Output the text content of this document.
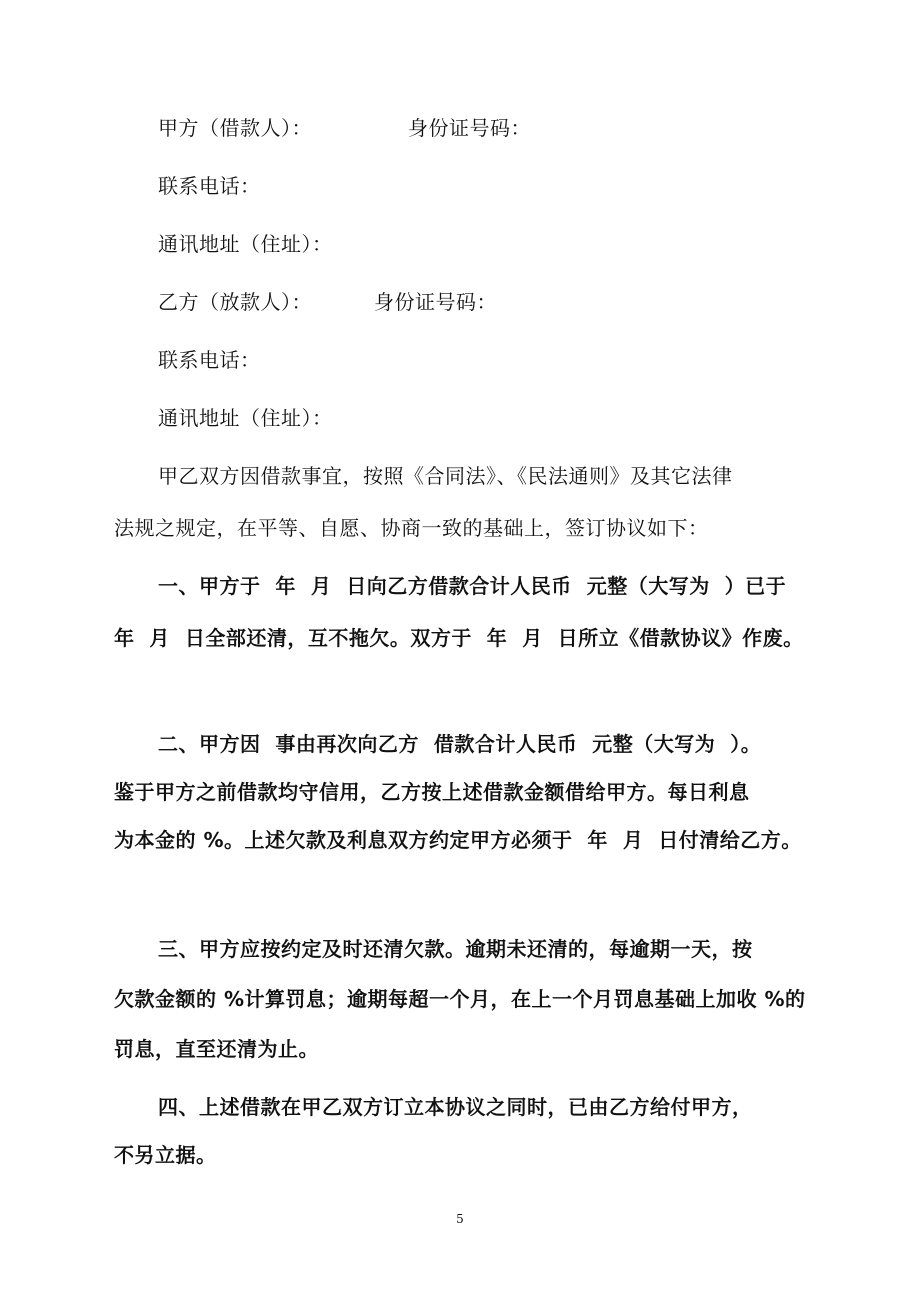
甲方（借款人）：	身份证号码：
联系电话：
通讯地址（住址）：
乙方（放款人）：	身份证号码：
联系电话：
通讯地址（住址）：
甲乙双方因借款事宜，按照《合同法》、《民法通则》及其它法律
法规之规定，在平等、自愿、协商一致的基础上，签订协议如下：
一、甲方于  年  月  日向乙方借款合计人民币  元整（大写为  ）已于
年  月  日全部还清，互不拖欠。双方于  年  月  日所立《借款协议》作废。
二、甲方因  事由再次向乙方  借款合计人民币  元整（大写为  ）。
鉴于甲方之前借款均守信用，乙方按上述借款金额借给甲方。每日利息
为本金的 %。上述欠款及利息双方约定甲方必须于  年  月  日付清给乙方。
三、甲方应按约定及时还清欠款。逾期未还清的，每逾期一天，按
欠款金额的 %计算罚息；逾期每超一个月，在上一个月罚息基础上加收 %的
罚息，直至还清为止。
四、上述借款在甲乙双方订立本协议之同时，已由乙方给付甲方，
不另立据。
5
